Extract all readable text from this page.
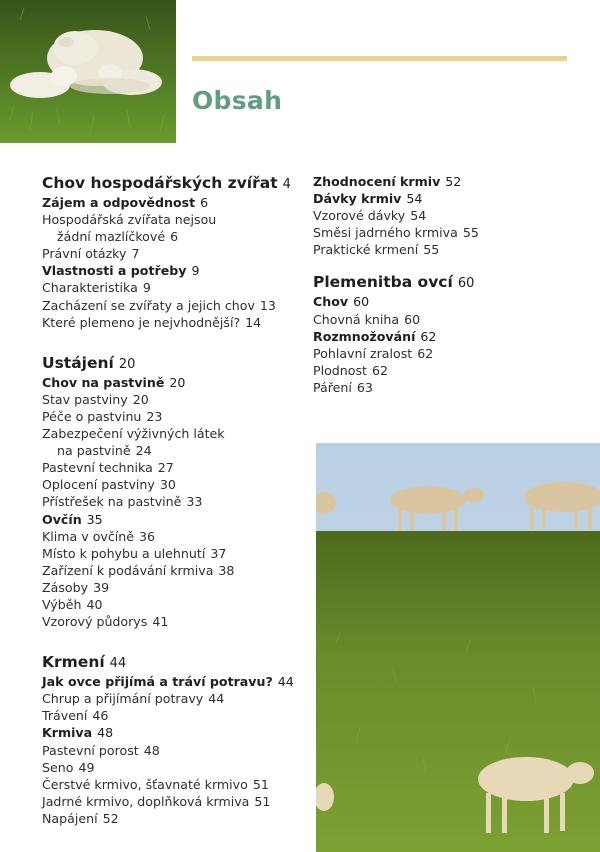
Obsah
Chov hospodářských zvířat 4
Zájem a odpovědnost 6
Hospodářská zvířata nejsou
žádní mazlíčkové 6
Právní otázky 7
Vlastnosti a potřeby 9
Charakteristika 9
Zacházení se zvířaty a jejich chov 13
Které plemeno je nejvhodnější? 14
Ustájení 20
Chov na pastvině 20
Stav pastviny 20
Péče o pastvinu 23
Zabezpečení výživných látek
na pastvině 24
Pastevní technika 27
Oplocení pastviny 30
Přístřešek na pastvině 33
Ovčín 35
Klima v ovčíně 36
Místo k pohybu a ulehnutí 37
Zařízení k podávání krmiva 38
Zásoby 39
Výběh 40
Vzorový půdorys 41
Krmení 44
Jak ovce přijímá a tráví potravu? 44
Chrup a přijímání potravy 44
Trávení 46
Krmiva 48
Pastevní porost 48
Seno 49
Čerstvé krmivo, šťavnaté krmivo 51
Jadrné krmivo, doplňková krmiva 51
Napájení 52
Zhodnocení krmiv 52
Dávky krmiv 54
Vzorové dávky 54
Směsi jadrného krmiva 55
Praktické krmení 55
Plemenitba ovcí 60
Chov 60
Chovná kniha 60
Rozmnožování 62
Pohlavní zralost 62
Plodnost 62
Páření 63
